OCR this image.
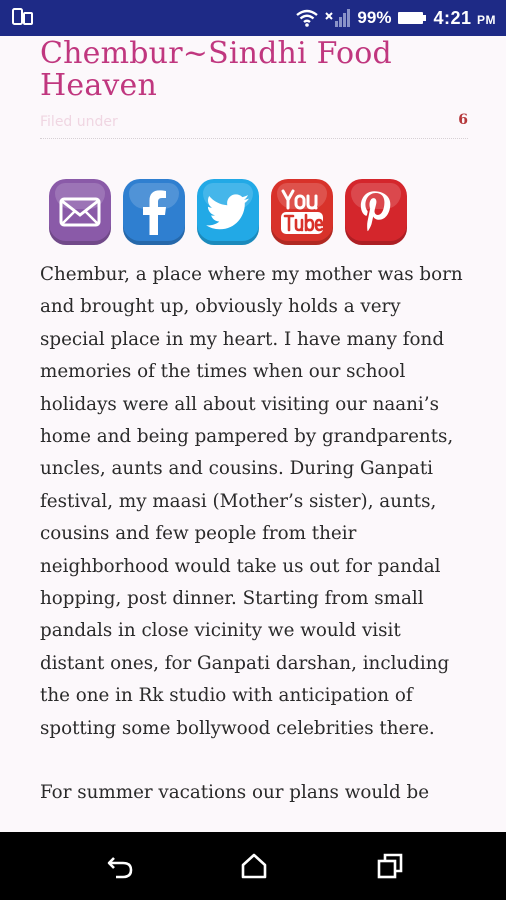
99% 4:21 PM
Chembur~Sindhi Food Heaven
Filed under	6

Chembur, a place where my mother was born and brought up, obviously holds a very special place in my heart. I have many fond memories of the times when our school holidays were all about visiting our naani’s home and being pampered by grandparents, uncles, aunts and cousins. During Ganpati festival, my maasi (Mother’s sister), aunts, cousins and few people from their neighborhood would take us out for pandal hopping, post dinner. Starting from small pandals in close vicinity we would visit distant ones, for Ganpati darshan, including the one in Rk studio with anticipation of spotting some bollywood celebrities there.

For summer vacations our plans would be
